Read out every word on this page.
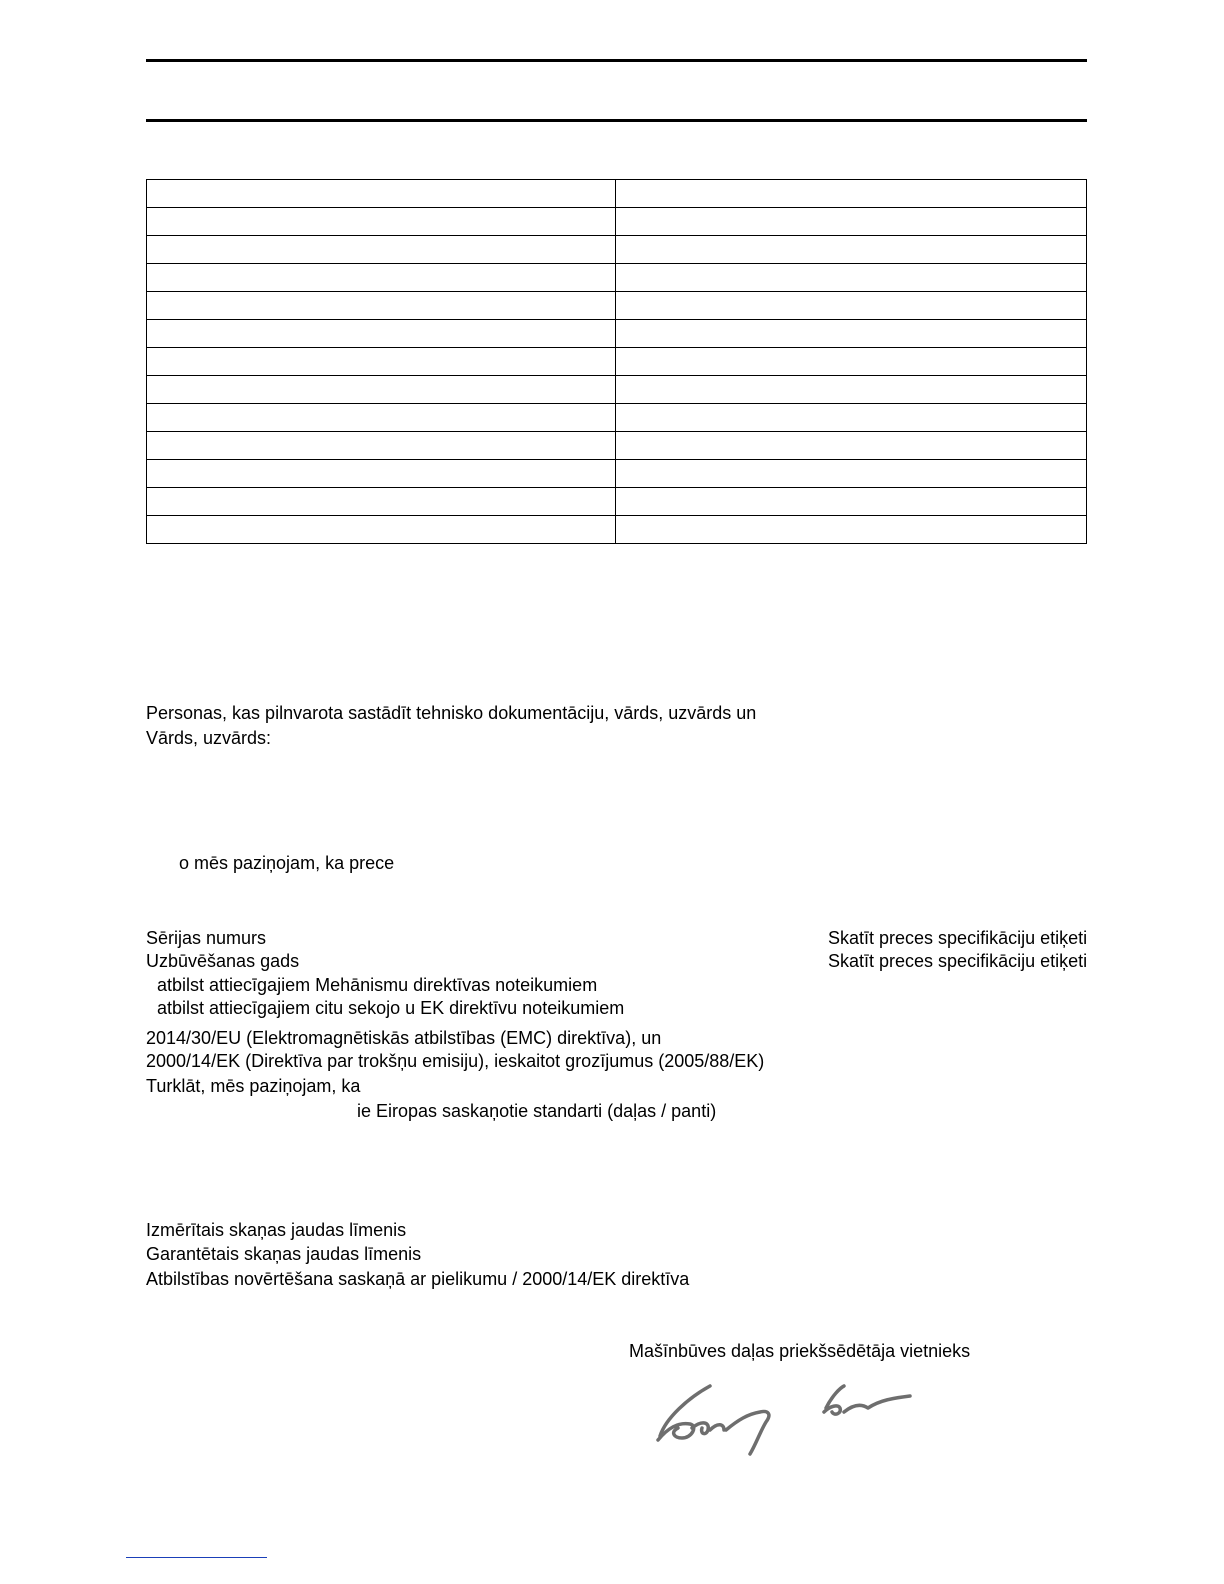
Personas, kas pilnvarota sastādīt tehnisko dokumentāciju, vārds, uzvārds un
Vārds, uzvārds:
o mēs paziņojam, ka prece
Sērijas numurs	Skatīt preces specifikāciju etiķeti
Uzbūvēšanas gads	Skatīt preces specifikāciju etiķeti
atbilst attiecīgajiem Mehānismu direktīvas noteikumiem
atbilst attiecīgajiem citu sekojo u EK direktīvu noteikumiem
2014/30/EU (Elektromagnētiskās atbilstības (EMC) direktīva), un
2000/14/EK (Direktīva par trokšņu emisiju), ieskaitot grozījumus (2005/88/EK)
Turklāt, mēs paziņojam, ka
ie Eiropas saskaņotie standarti (daļas / panti)
Izmērītais skaņas jaudas līmenis
Garantētais skaņas jaudas līmenis
Atbilstības novērtēšana saskaņā ar pielikumu / 2000/14/EK direktīva
Mašīnbūves daļas priekšsēdētāja vietnieks
